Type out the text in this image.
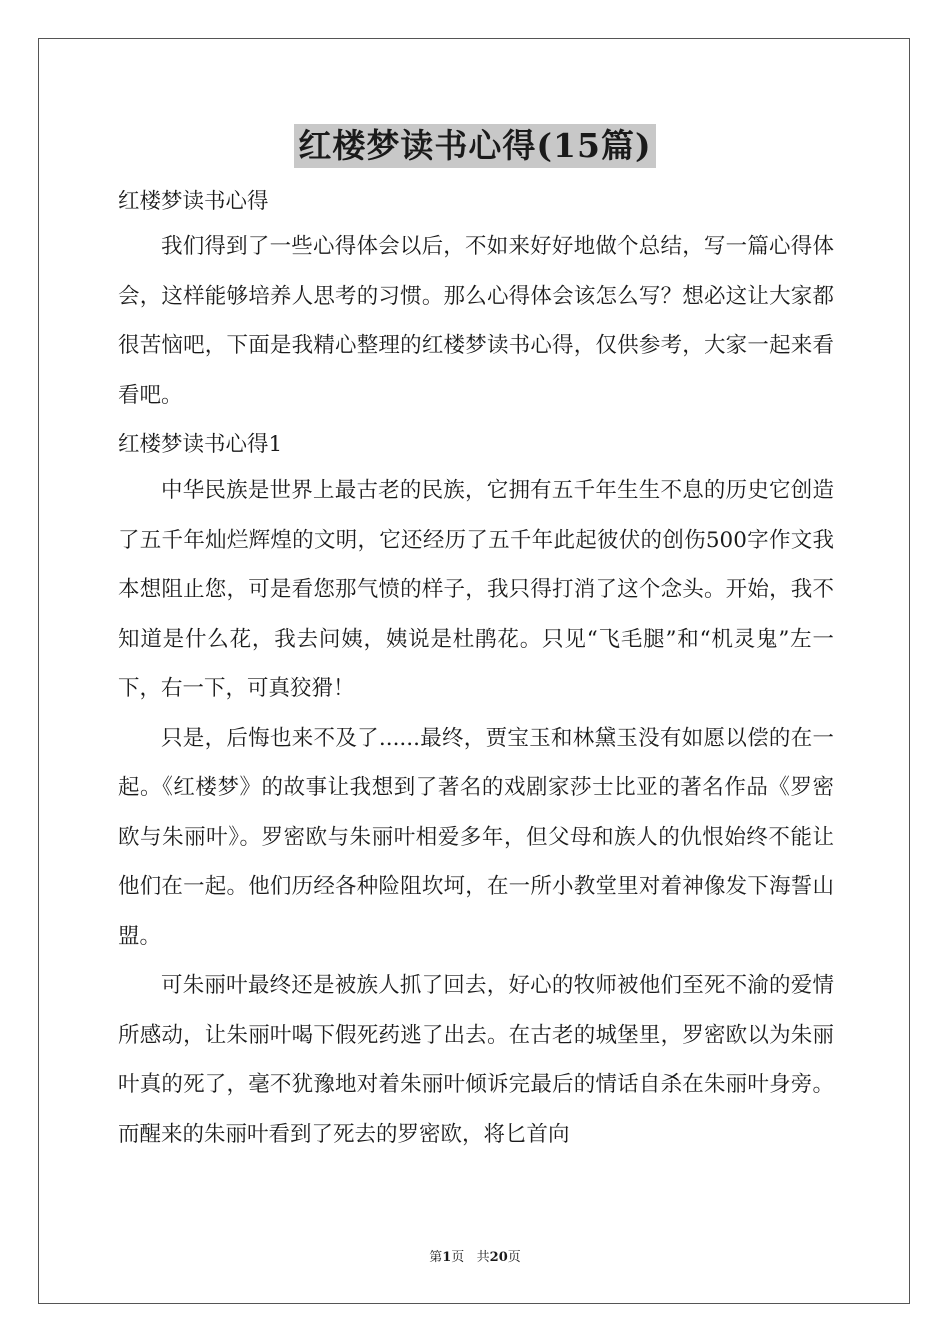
红楼梦读书心得(15篇)
红楼梦读书心得

我们得到了一些心得体会以后，不如来好好地做个总结，写一篇心得体会，这样能够培养人思考的习惯。那么心得体会该怎么写？想必这让大家都很苦恼吧，下面是我精心整理的红楼梦读书心得，仅供参考，大家一起来看看吧。

红楼梦读书心得1

中华民族是世界上最古老的民族，它拥有五千年生生不息的历史它创造了五千年灿烂辉煌的文明，它还经历了五千年此起彼伏的创伤500字作文我本想阻止您，可是看您那气愤的样子，我只得打消了这个念头。开始，我不知道是什么花，我去问姨，姨说是杜鹃花。只见“飞毛腿”和“机灵鬼”左一下，右一下，可真狡猾！

只是，后悔也来不及了......最终，贾宝玉和林黛玉没有如愿以偿的在一起。《红楼梦》的故事让我想到了著名的戏剧家莎士比亚的著名作品《罗密欧与朱丽叶》。罗密欧与朱丽叶相爱多年，但父母和族人的仇恨始终不能让他们在一起。他们历经各种险阻坎坷，在一所小教堂里对着神像发下海誓山盟。

可朱丽叶最终还是被族人抓了回去，好心的牧师被他们至死不渝的爱情所感动，让朱丽叶喝下假死药逃了出去。在古老的城堡里，罗密欧以为朱丽叶真的死了，毫不犹豫地对着朱丽叶倾诉完最后的情话自杀在朱丽叶身旁。而醒来的朱丽叶看到了死去的罗密欧，将匕首向

第1页   共20页
